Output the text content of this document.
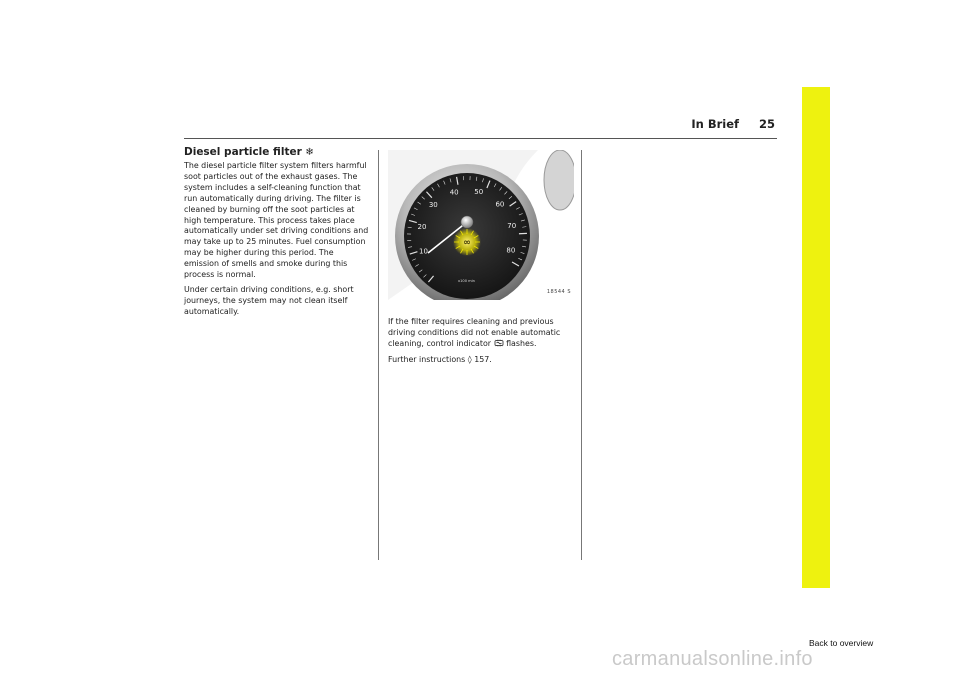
In Brief 25
Diesel particle filter ❄

The diesel particle filter system filters harmful soot particles out of the exhaust gases. The system includes a self-cleaning function that run automatically during driving. The filter is cleaned by burning off the soot particles at high temperature. This process takes place automatically under set driving conditions and may take up to 25 minutes. Fuel consumption may be higher during this period. The emission of smells and smoke during this process is normal.

Under certain driving conditions, e.g. short journeys, the system may not clean itself automatically.

10
20
30
40 50
60
70
80
∞
x100 min
18544 S

If the filter requires cleaning and previous driving conditions did not enable automatic cleaning, control indicator flashes.

Further instructions ◊ 157.

Back to overview
carmanualsonline.info
